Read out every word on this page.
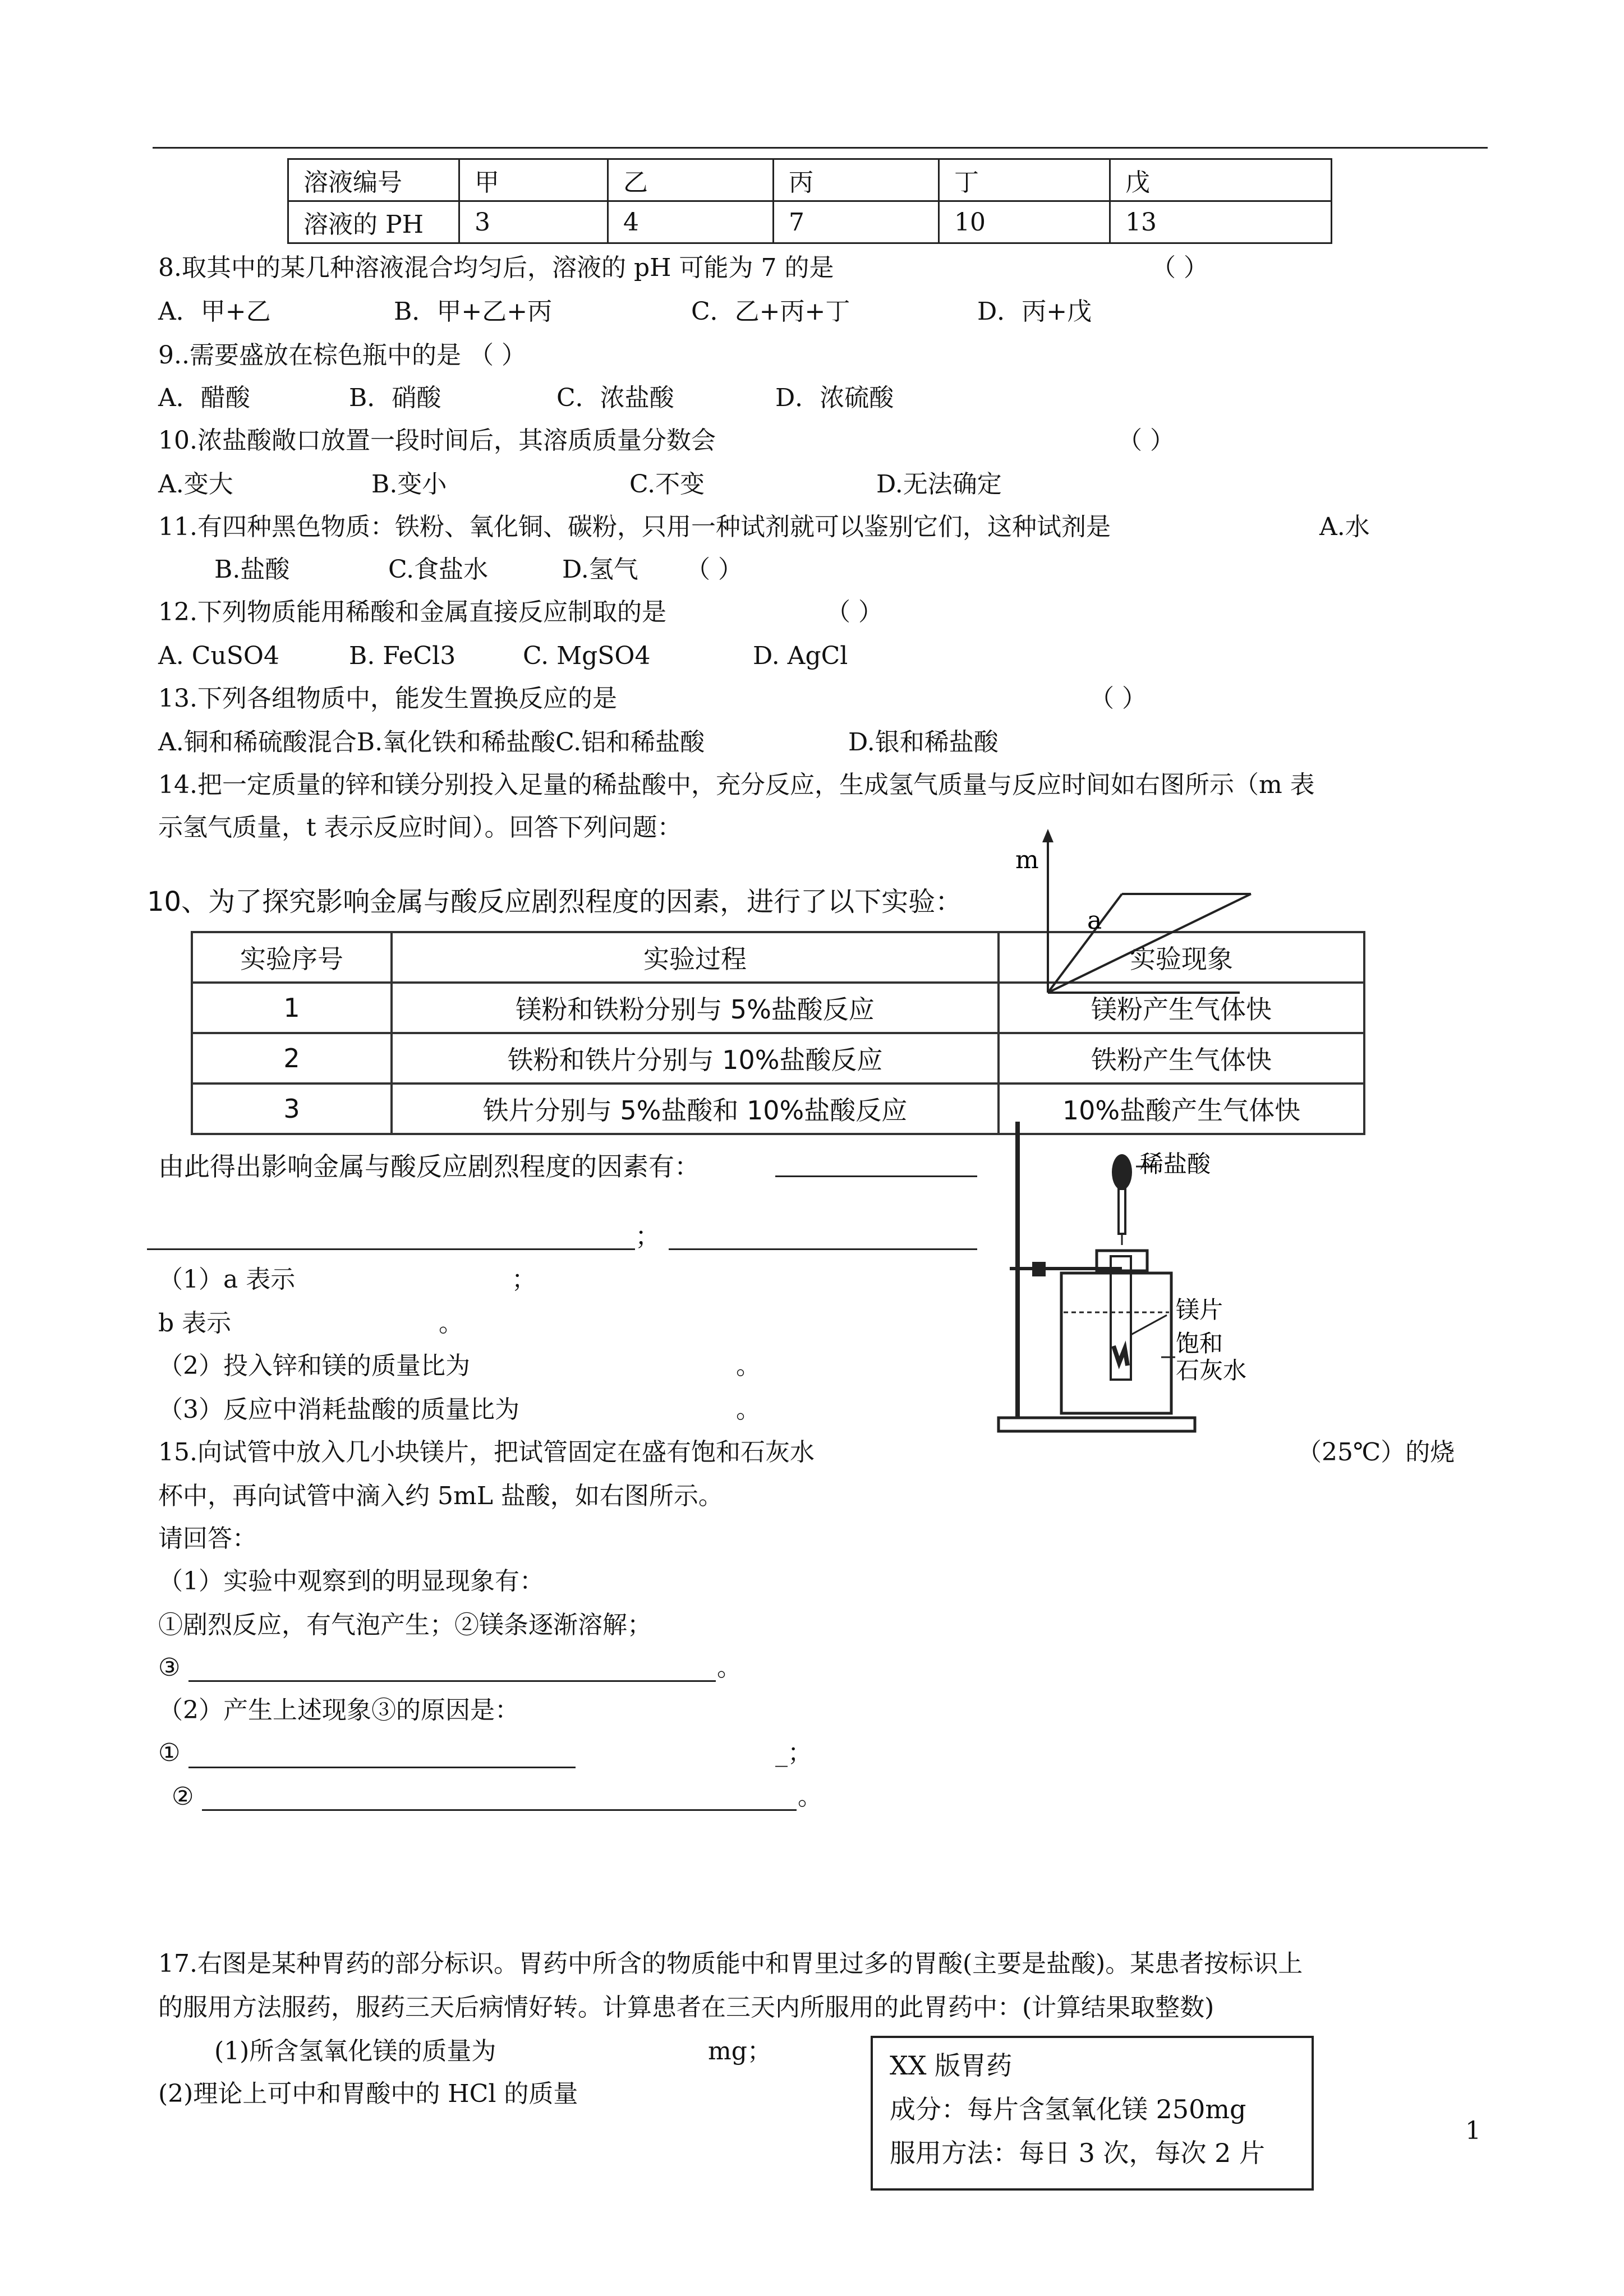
溶液编号	甲	乙	丙	丁	戊
溶液的 PH	3	4	7	10	13
8.取其中的某几种溶液混合均匀后，溶液的 pH 可能为 7 的是	（ ）
A．甲+乙	B．甲+乙+丙	C．乙+丙+丁	D．丙+戊
9..需要盛放在棕色瓶中的是 （ ）
A．醋酸	B．硝酸	C．浓盐酸	D．浓硫酸
10.浓盐酸敞口放置一段时间后，其溶质质量分数会	（ ）
A.变大	B.变小	C.不变	D.无法确定
11.有四种黑色物质：铁粉、氧化铜、碳粉，只用一种试剂就可以鉴别它们，这种试剂是	A.水
B.盐酸	C.食盐水	D.氢气 （ ）
12.下列物质能用稀酸和金属直接反应制取的是	（ ）
A. CuSO4	B. FeCl3	C. MgSO4	D. AgCl
13.下列各组物质中，能发生置换反应的是	（ ）
A.铜和稀硫酸混合B.氧化铁和稀盐酸C.铝和稀盐酸	D.银和稀盐酸
14.把一定质量的锌和镁分别投入足量的稀盐酸中，充分反应，生成氢气质量与反应时间如右图所示（m 表
示氢气质量，t 表示反应时间）。回答下列问题：
10、为了探究影响金属与酸反应剧烈程度的因素，进行了以下实验：
实验序号	实验过程	实验现象
1	镁粉和铁粉分别与 5%盐酸反应	镁粉产生气体快
2	铁粉和铁片分别与 10%盐酸反应	铁粉产生气体快
3	铁片分别与 5%盐酸和 10%盐酸反应	10%盐酸产生气体快
由此得出影响金属与酸反应剧烈程度的因素有：
；
m
a
稀盐酸
镁片
饱和
石灰水
（1）a 表示	；
b 表示	。
（2）投入锌和镁的质量比为	。
（3）反应中消耗盐酸的质量比为	。
15.向试管中放入几小块镁片，把试管固定在盛有饱和石灰水	（25℃）的烧
杯中，再向试管中滴入约 5mL 盐酸，如右图所示。
请回答：
（1）实验中观察到的明显现象有：
①剧烈反应，有气泡产生；②镁条逐渐溶解；
③	。
（2）产生上述现象③的原因是：
①	_；
②	。
17.右图是某种胃药的部分标识。胃药中所含的物质能中和胃里过多的胃酸(主要是盐酸)。某患者按标识上
的服用方法服药，服药三天后病情好转。计算患者在三天内所服用的此胃药中：(计算结果取整数)
(1)所含氢氧化镁的质量为	mg；
(2)理论上可中和胃酸中的 HCl 的质量
XX 版胃药
成分：每片含氢氧化镁 250mg
服用方法：每日 3 次，每次 2 片
1
